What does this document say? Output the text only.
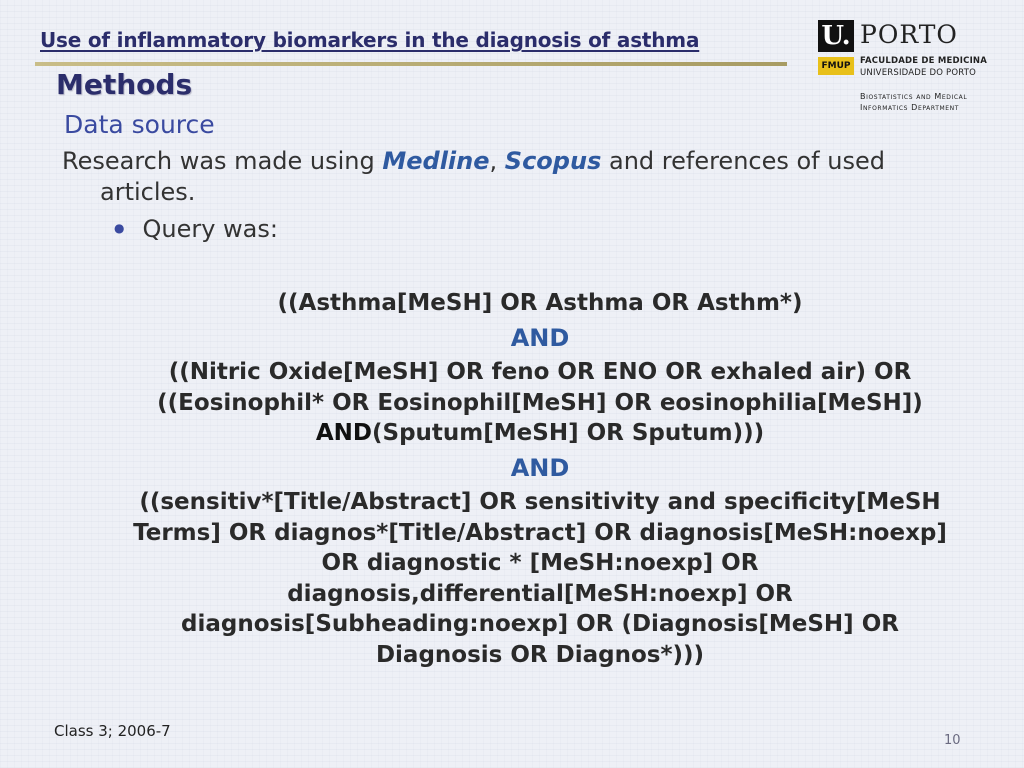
Use of inflammatory biomarkers in the diagnosis of asthma	U. PORTO
FMUP	FACULDADE DE MEDICINA
UNIVERSIDADE DO PORTO
Biostatistics and Medical
Informatics Department
Methods
Data source
Research was made using Medline, Scopus and references of used
articles.
● Query was:
((Asthma[MeSH] OR Asthma OR Asthm*)
AND
((Nitric Oxide[MeSH] OR feno OR ENO OR exhaled air) OR
((Eosinophil* OR Eosinophil[MeSH] OR eosinophilia[MeSH])
AND(Sputum[MeSH] OR Sputum)))
AND
((sensitiv*[Title/Abstract] OR sensitivity and specificity[MeSH
Terms] OR diagnos*[Title/Abstract] OR diagnosis[MeSH:noexp]
OR diagnostic * [MeSH:noexp] OR
diagnosis,differential[MeSH:noexp] OR
diagnosis[Subheading:noexp] OR (Diagnosis[MeSH] OR
Diagnosis OR Diagnos*)))
Class 3; 2006-7
10
